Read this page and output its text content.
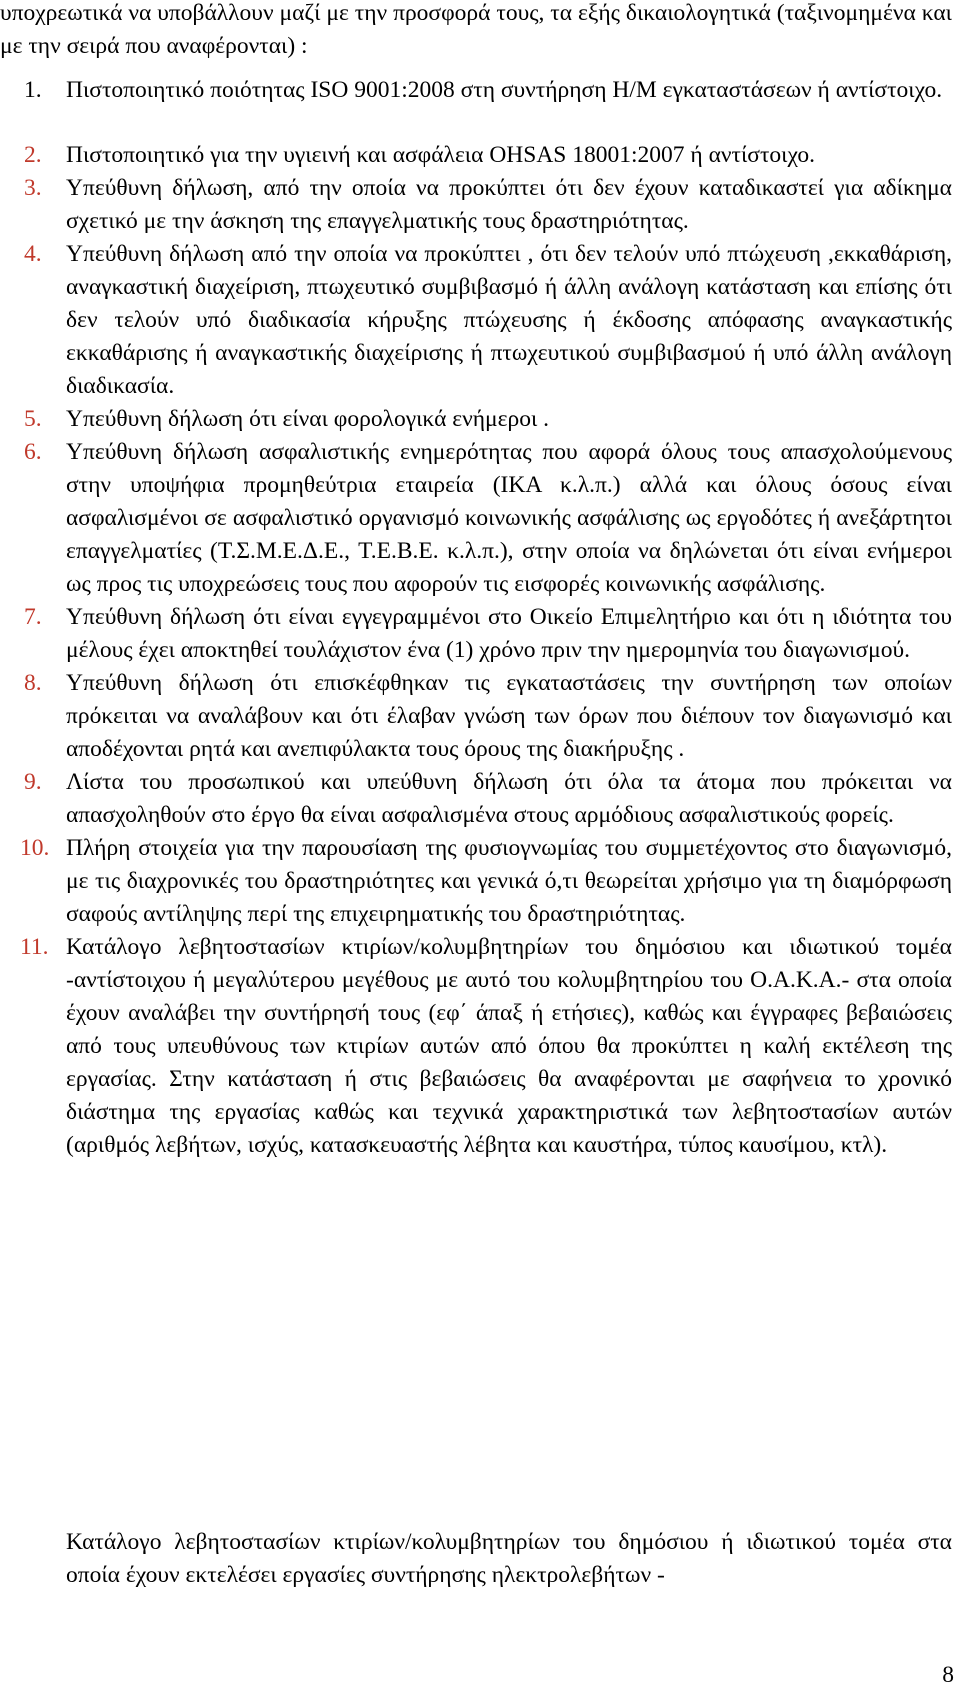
υποχρεωτικά να υποβάλλουν μαζί με την προσφορά τους, τα εξής δικαιολογητικά (ταξινομημένα και με την σειρά που αναφέρονται) :

1. Πιστοποιητικό ποιότητας ISO 9001:2008 στη συντήρηση Η/Μ εγκαταστάσεων ή αντίστοιχο.
2. Πιστοποιητικό για την υγιεινή και ασφάλεια OHSAS 18001:2007 ή αντίστοιχο.
3. Υπεύθυνη δήλωση, από την οποία να προκύπτει ότι δεν έχουν καταδικαστεί για αδίκημα σχετικό με την άσκηση της επαγγελματικής τους δραστηριότητας.
4. Υπεύθυνη δήλωση από την οποία να προκύπτει , ότι δεν τελούν υπό πτώχευση ,εκκαθάριση, αναγκαστική διαχείριση, πτωχευτικό συμβιβασμό ή άλλη ανάλογη κατάσταση και επίσης ότι δεν τελούν υπό διαδικασία κήρυξης πτώχευσης ή έκδοσης απόφασης αναγκαστικής εκκαθάρισης ή αναγκαστικής διαχείρισης ή πτωχευτικού συμβιβασμού ή υπό άλλη ανάλογη διαδικασία.
5. Υπεύθυνη δήλωση ότι είναι φορολογικά ενήμεροι .
6. Υπεύθυνη δήλωση ασφαλιστικής ενημερότητας που αφορά όλους τους απασχολούμενους στην υποψήφια προμηθεύτρια εταιρεία (ΙΚΑ κ.λ.π.) αλλά και όλους όσους είναι ασφαλισμένοι σε ασφαλιστικό οργανισμό κοινωνικής ασφάλισης ως εργοδότες ή ανεξάρτητοι επαγγελματίες (Τ.Σ.Μ.Ε.Δ.Ε., Τ.Ε.Β.Ε. κ.λ.π.), στην οποία να δηλώνεται ότι είναι ενήμεροι ως προς τις υποχρεώσεις τους που αφορούν τις εισφορές κοινωνικής ασφάλισης.
7. Υπεύθυνη δήλωση ότι είναι εγγεγραμμένοι στο Οικείο Επιμελητήριο και ότι η ιδιότητα του μέλους έχει αποκτηθεί τουλάχιστον ένα (1) χρόνο πριν την ημερομηνία του διαγωνισμού.
8. Υπεύθυνη δήλωση ότι επισκέφθηκαν τις εγκαταστάσεις την συντήρηση των οποίων πρόκειται να αναλάβουν και ότι έλαβαν γνώση των όρων που διέπουν τον διαγωνισμό και αποδέχονται ρητά και ανεπιφύλακτα τους όρους της διακήρυξης .
9. Λίστα του προσωπικού και υπεύθυνη δήλωση ότι όλα τα άτομα που πρόκειται να απασχοληθούν στο έργο θα είναι ασφαλισμένα στους αρμόδιους ασφαλιστικούς φορείς.
10. Πλήρη στοιχεία για την παρουσίαση της φυσιογνωμίας του συμμετέχοντος στο διαγωνισμό, με τις διαχρονικές του δραστηριότητες και γενικά ό,τι θεωρείται χρήσιμο για τη διαμόρφωση σαφούς αντίληψης περί της επιχειρηματικής του δραστηριότητας.
11. Κατάλογο λεβητοστασίων κτιρίων/κολυμβητηρίων του δημόσιου και ιδιωτικού τομέα -αντίστοιχου ή μεγαλύτερου μεγέθους με αυτό του κολυμβητηρίου του Ο.Α.Κ.Α.- στα οποία έχουν αναλάβει την συντήρησή τους (εφ΄ άπαξ ή ετήσιες), καθώς και έγγραφες βεβαιώσεις από τους υπευθύνους των κτιρίων αυτών από όπου θα προκύπτει η καλή εκτέλεση της εργασίας. Στην κατάσταση ή στις βεβαιώσεις θα αναφέρονται με σαφήνεια το χρονικό διάστημα της εργασίας καθώς και τεχνικά χαρακτηριστικά των λεβητοστασίων αυτών (αριθμός λεβήτων, ισχύς, κατασκευαστής λέβητα και καυστήρα, τύπος καυσίμου, κτλ).

Κατάλογο λεβητοστασίων κτιρίων/κολυμβητηρίων του δημόσιου ή ιδιωτικού τομέα στα οποία έχουν εκτελέσει εργασίες συντήρησης ηλεκτρολεβήτων -

8
